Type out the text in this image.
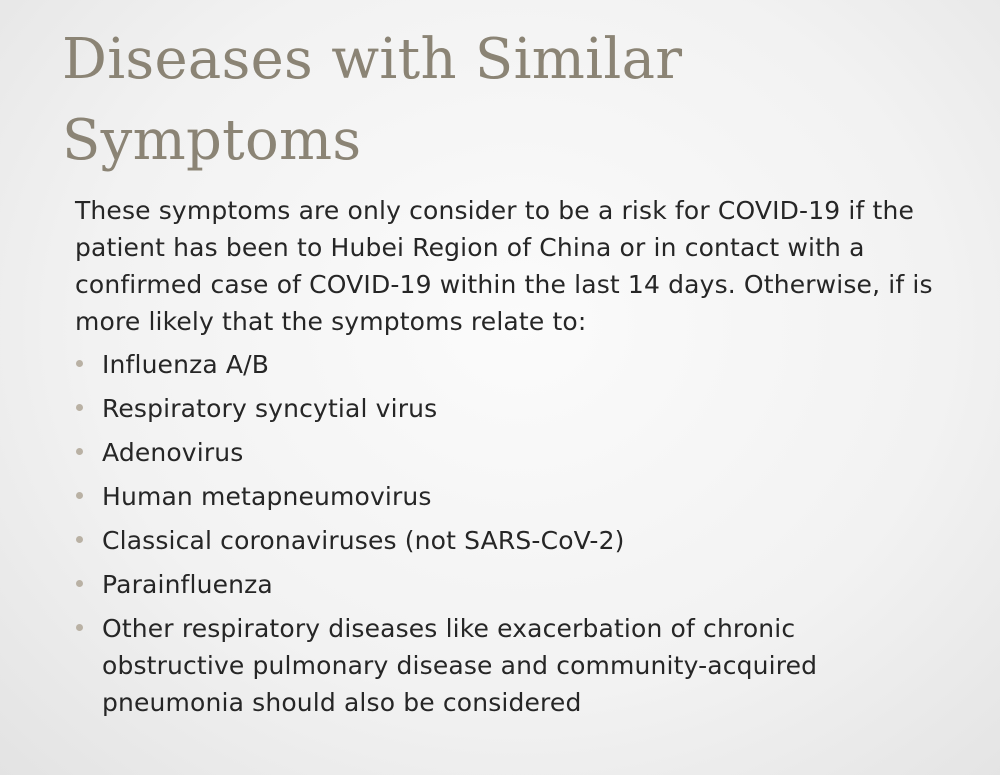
Diseases with Similar Symptoms

These symptoms are only consider to be a risk for COVID-19 if the patient has been to Hubei Region of China or in contact with a confirmed case of COVID-19 within the last 14 days. Otherwise, if is more likely that the symptoms relate to:

Influenza A/B
Respiratory syncytial virus
Adenovirus
Human metapneumovirus
Classical coronaviruses (not SARS-CoV-2)
Parainfluenza
Other respiratory diseases like exacerbation of chronic obstructive pulmonary disease and community-acquired pneumonia should also be considered
